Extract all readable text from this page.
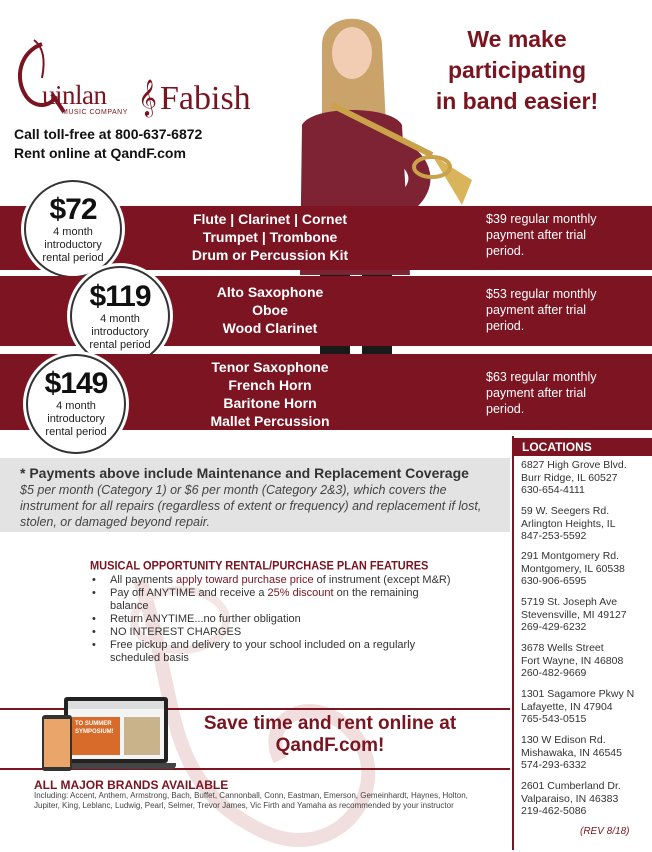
uinlan
MUSIC COMPANY 𝄞 Fabish
Call toll-free at 800-637-6872
Rent online at QandF.com
We make
participating
in band easier!
Flute | Clarinet | Cornet
Trumpet | Trombone
Drum or Percussion Kit
$39 regular monthly
payment after trial
period.
$72
4 month
introductory
rental period
Alto Saxophone
Oboe
Wood Clarinet
$53 regular monthly
payment after trial
period.
$119
4 month
introductory
rental period
Tenor Saxophone
French Horn
Baritone Horn
Mallet Percussion
$63 regular monthly
payment after trial
period.
$149
4 month
introductory
rental period
* Payments above include Maintenance and Replacement Coverage
$5 per month (Category 1) or $6 per month (Category 2&3), which covers the instrument for all repairs (regardless of extent or frequency) and replacement if lost, stolen, or damaged beyond repair.
MUSICAL OPPORTUNITY RENTAL/PURCHASE PLAN FEATURES
• All payments apply toward purchase price of instrument (except M&R)
• Pay off ANYTIME and receive a 25% discount on the remaining balance
• Return ANYTIME...no further obligation
• NO INTEREST CHARGES
• Free pickup and delivery to your school included on a regularly scheduled basis
TO SUMMER SYMPOSIUM!	Save time and rent online at
QandF.com!
ALL MAJOR BRANDS AVAILABLE
Including: Accent, Anthem, Armstrong, Bach, Buffet, Cannonball, Conn, Eastman, Emerson, Gemeinhardt, Haynes, Holton, Jupiter, King, Leblanc, Ludwig, Pearl, Selmer, Trevor James, Vic Firth and Yamaha as recommended by your instructor
LOCATIONS
6827 High Grove Blvd.
Burr Ridge, IL 60527
630-654-4111
59 W. Seegers Rd.
Arlington Heights, IL
847-253-5592
291 Montgomery Rd.
Montgomery, IL 60538
630-906-6595
5719 St. Joseph Ave
Stevensville, MI 49127
269-429-6232
3678 Wells Street
Fort Wayne, IN 46808
260-482-9669
1301 Sagamore Pkwy N
Lafayette, IN 47904
765-543-0515
130 W Edison Rd.
Mishawaka, IN 46545
574-293-6332
2601 Cumberland Dr.
Valparaiso, IN 46383
219-462-5086
(REV 8/18)
